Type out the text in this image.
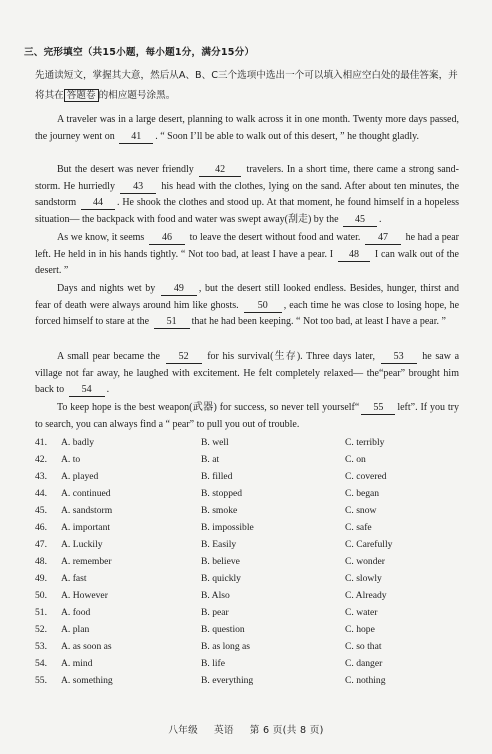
三、完形填空（共15小题，每小题1分，满分15分）
先通读短文，掌握其大意，然后从A、B、C三个选项中选出一个可以填入相应空白处的最佳答案，并将其在 答题卷 的相应题号涂黑。
A traveler was in a large desert, planning to walk across it in one month. Twenty more days passed, the journey went on 41 . “ Soon I’ll be able to walk out of this desert, ” he thought gladly.
But the desert was never friendly 42 travelers. In a short time, there came a strong sand-storm. He hurriedly 43 his head with the clothes, lying on the sand. After about ten minutes, the sandstorm 44 . He shook the clothes and stood up. At that moment, he found himself in a hopeless situation— the backpack with food and water was swept away(刮走) by the 45 .
As we know, it seems 46 to leave the desert without food and water. 47 he had a pear left. He held in in his hands tightly. “ Not too bad, at least I have a pear. I 48 I can walk out of the desert. ”
Days and nights wet by 49 , but the desert still looked endless. Besides, hunger, thirst and fear of death were always around him like ghosts. 50 , each time he was close to losing hope, he forced himself to stare at the 51 that he had been keeping. “ Not too bad, at least I have a pear. ”
A small pear became the 52 for his survival(生存). Three days later, 53 he saw a village not far away, he laughed with excitement. He felt completely relaxed— the“pear” brought him back to 54 .
To keep hope is the best weapon(武器) for success, so never tell yourself“ 55 left”. If you try to search, you can always find a “ pear” to pull you out of trouble.
41. A. badly	B. well	C. terribly
42. A. to	B. at	C. on
43. A. played	B. filled	C. covered
44. A. continued	B. stopped	C. began
45. A. sandstorm	B. smoke	C. snow
46. A. important	B. impossible	C. safe
47. A. Luckily	B. Easily	C. Carefully
48. A. remember	B. believe	C. wonder
49. A. fast	B. quickly	C. slowly
50. A. However	B. Also	C. Already
51. A. food	B. pear	C. water
52. A. plan	B. question	C. hope
53. A. as soon as	B. as long as	C. so that
54. A. mind	B. life	C. danger
55. A. something	B. everything	C. nothing
八年级 英语 第 6 页(共 8 页)
